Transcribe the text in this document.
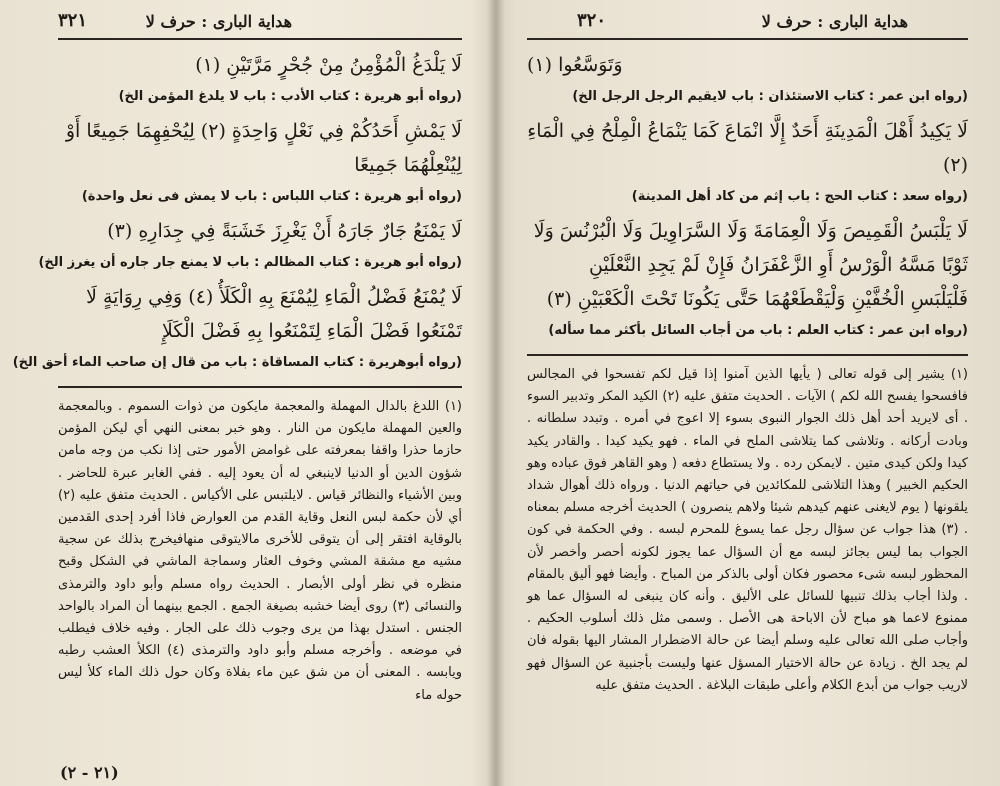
هداية البارى : حرف لا
٣٢١

لَا يَلْدَغُ الْمُؤْمِنُ مِنْ جُحْرٍ مَرَّتَيْنِ (١)

(رواه أبو هريرة : كتاب الأدب : باب لا يلدغ المؤمن الخ)

لَا يَمْشِ أَحَدُكُمْ فِي نَعْلٍ وَاحِدَةٍ (٢) لِيُحْفِهِمَا جَمِيعًا أَوْ لِيُنْعِلْهُمَا جَمِيعًا

(رواه أبو هريرة : كتاب اللباس : باب لا يمش فى نعل واحدة)

لَا يَمْنَعُ جَارٌ جَارَهُ أَنْ يَغْرِزَ خَشَبَةً فِي جِدَارِهِ (٣)

(رواه أبو هريرة : كتاب المظالم : باب لا يمنع جار جاره أن يغرز الخ)

لَا يُمْنَعُ فَضْلُ الْمَاءِ لِيُمْنَعَ بِهِ الْكَلَأُ (٤) وَفِي رِوَايَةٍ لَا تَمْنَعُوا فَضْلَ الْمَاءِ لِتَمْنَعُوا بِهِ فَضْلَ الْكَلَإِ

(رواه أبوهريرة : كتاب المساقاة : باب من قال إن صاحب الماء أحق الخ)

(١) اللدغ بالدال المهملة والمعجمة مايكون من ذوات السموم . وبالمعجمة والعين المهملة مايكون من النار . وهو خبر بمعنى النهي أي ليكن المؤمن حازما حذرا واقفا بمعرفته على غوامض الأمور حتى إذا نكب من وجه مامن شؤون الدين أو الدنيا لاينبغي له أن يعود إليه . ففي الغابر عبرة للحاضر . وبين الأشياء والنظائر قياس . لايلتبس على الأكياس . الحديث متفق عليه (٢) أي لأن حكمة لبس النعل وقاية القدم من العوارض فاذا أفرد إحدى القدمين بالوقاية افتقر إلى أن يتوقى للأخرى مالايتوقى منهافيخرج بذلك عن سجية مشيه مع مشقة المشي وخوف العثار وسماجة الماشي في الشكل وقبح منظره في نظر أولى الأبصار . الحديث رواه مسلم وأبو داود والترمذى والنسائى (٣) روى أيضا خشبه بصيغة الجمع . الجمع بينهما أن المراد بالواحد الجنس . استدل بهذا من يرى وجوب ذلك على الجار . وفيه خلاف فيطلب في موضعه . وأخرجه مسلم وأبو داود والترمذى (٤) الكلأ العشب رطبه ويابسه . المعنى أن من شق عين ماء بفلاة وكان حول ذلك الماء كلأ ليس حوله ماء

(٢١ - ٢)
هداية البارى : حرف لا
٣٢٠

وَتَوَسَّعُوا (١)

(رواه ابن عمر : كتاب الاستئذان : باب لايقيم الرجل الرجل الخ)

لَا يَكِيدُ أَهْلَ الْمَدِينَةِ أَحَدٌ إِلَّا انْمَاعَ كَمَا يَنْمَاعُ الْمِلْحُ فِي الْمَاءِ (٢)

(رواه سعد : كتاب الحج : باب إثم من كاد أهل المدينة)

لَا يَلْبَسُ الْقَمِيصَ وَلَا الْعِمَامَةَ وَلَا السَّرَاوِيلَ وَلَا الْبُرْنُسَ وَلَا ثَوْبًا مَسَّهُ الْوَرْسُ أَوِ الزَّعْفَرَانُ فَإِنْ لَمْ يَجِدِ النَّعْلَيْنِ فَلْيَلْبَسِ الْخُفَّيْنِ وَلْيَقْطَعْهُمَا حَتَّى يَكُونَا تَحْتَ الْكَعْبَيْنِ (٣)

(رواه ابن عمر : كتاب العلم : باب من أجاب السائل بأكثر مما سأله)

(١) يشير إلى قوله تعالى ( يأيها الذين آمنوا إذا قيل لكم تفسحوا في المجالس فافسحوا يفسح الله لكم ) الآيات . الحديث متفق عليه (٢) الكيد المكر وتدبير السوء . أى لايريد أحد أهل ذلك الجوار النبوى بسوء إلا اعوج في أمره . وتبدد سلطانه . وبادت أركانه . وتلاشى كما يتلاشى الملح في الماء . فهو يكيد كيدا . والقادر يكيد كيدا ولكن كيدى متين . لايمكن رده . ولا يستطاع دفعه ( وهو القاهر فوق عباده وهو الحكيم الخبير ) وهذا التلاشى للمكائدين في حياتهم الدنيا . ورواه ذلك أهوال شداد يلقونها ( يوم لايغنى عنهم كيدهم شيئا ولاهم ينصرون ) الحديث أخرجه مسلم بمعناه . (٣) هذا جواب عن سؤال رجل عما يسوغ للمحرم لبسه . وفي الحكمة في كون الجواب بما ليس بجائز لبسه مع أن السؤال عما يجوز لكونه أحصر وأخصر لأن المحظور لبسه شىء محصور فكان أولى بالذكر من المباح . وأيضا فهو أليق بالمقام . ولذا أجاب بذلك تنبيها للسائل على الأليق . وأنه كان ينبغى له السؤال عما هو ممنوع لاعما هو مباح لأن الاباحة هى الأصل . وسمى مثل ذلك أسلوب الحكيم . وأجاب صلى الله تعالى عليه وسلم أيضا عن حالة الاضطرار المشار اليها بقوله فان لم يجد الخ . زيادة عن حالة الاختيار المسؤل عنها وليست بأجنبية عن السؤال فهو لاريب جواب من أبدع الكلام وأعلى طبقات البلاغة . الحديث متفق عليه
